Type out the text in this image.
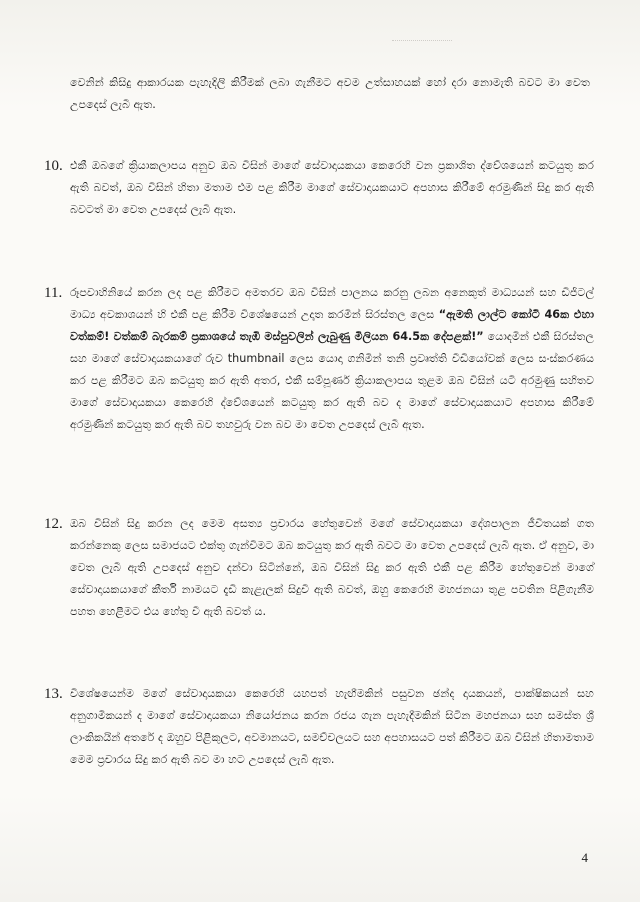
වෙනින් කිසිදු ආකාරයක පැහැදිලි කිරීමක් ලබා ගැනීමට අවම උත්සාහයක් හෝ දරා නොමැති බවට මා වෙත උපදෙස් ලැබී ඇත.
10. එකී ඔබගේ ක්‍රියාකලාපය අනුව ඔබ විසින් මාගේ සේවාදායකයා කෙරෙහි වන ප්‍රකාශිත ද්වේශයෙන් කටයුතු කර ඇති බවත්, ඔබ විසින් හිතා මතාම එම පළ කිරීම මාගේ සේවාදායකයාට අපහාස කිරීමේ අරමුණින් සිදු කර ඇති බවටත් මා වෙත උපදෙස් ලැබී ඇත.
11. රූපවාහිනියේ කරන ලද පළ කිරීමට අමතරව ඔබ විසින් පාලනය කරනු ලබන අනෙකුත් මාධ්‍යයන් සහ ඩිජිටල් මාධ්‍ය අවකාශයන් හි එකී පළ කිරීම විශේෂයෙන් උදෘත කරමින් සිරස්තල ලෙස “ඇමති ලාල්ට කෝටි 46ක එහා වත්කම්! වත්කම් බැරකම් ප්‍රකාශයේ තැඹි මස්පුවලින් ලැබුණු මිලියන 64.5ක දේපළක්!” යොදමින් එකී සිරස්තල සහ මාගේ සේවාදායකයාගේ රුව thumbnail ලෙස යොදා ගනිමින් තනි ප්‍රවෘත්ති වීඩියෝවක් ලෙස සංස්කරණය කර පළ කිරීමට ඔබ කටයුතු කර ඇති අතර, එකී සම්පූර්ණ ක්‍රියාකලාපය තුළම ඔබ විසින් යටි අරමුණු සහිතව මාගේ සේවාදායකයා කෙරෙහි ද්වේශයෙන් කටයුතු කර ඇති බව ද මාගේ සේවාදායකයාට අපහාස කිරීමේ අරමුණින් කටයුතු කර ඇති බව තහවුරු වන බව මා වෙත උපදෙස් ලැබී ඇත.
12. ඔබ විසින් සිදු කරන ලද මෙම අසත්‍ය ප්‍රචාරය හේතුවෙන් මගේ සේවාදායකයා දේශපාලන ජීවිතයක් ගත කරන්නෙකු ලෙස සමාජයට එක්තු ගැන්වීමට ඔබ කටයුතු කර ඇති බවට මා වෙත උපදෙස් ලැබී ඇත. ඒ අනුව, මා වෙත ලැබී ඇති උපදෙස් අනුව දන්වා සිටින්නේ, ඔබ විසින් සිදු කර ඇති එකී පළ කිරීම හේතුවෙන් මාගේ සේවාදායකයාගේ කීර්ති නාමයට දැඩි කැළැලක් සිදුවී ඇති බවත්, ඔහු කෙරෙහි මහජනයා තුළ පවතින පිළිගැනීම පහත හෙළීමට එය හේතු වී ඇති බවත් ය.
13. විශේෂයෙන්ම මගේ සේවාදායකයා කෙරෙහි යහපත් හැඟීමකින් පසුවන ඡන්ද දායකයන්, පාක්ෂිකයන් සහ අනුගාමිකයන් ද මාගේ සේවාදායකයා නියෝජනය කරන රජය ගැන පැහැදීමකින් සිටින මහජනයා සහ සමස්ත ශ්‍රී ලාංකිකයින් අතරේ ද ඔහුව පිළිකුලට, අවමානයට, සමච්චලයට සහ අපහාසයට පත් කිරීමට ඔබ විසින් හිතාමතාම මෙම ප්‍රචාරය සිදු කර ඇති බව මා හට උපදෙස් ලැබී ඇත.
4
